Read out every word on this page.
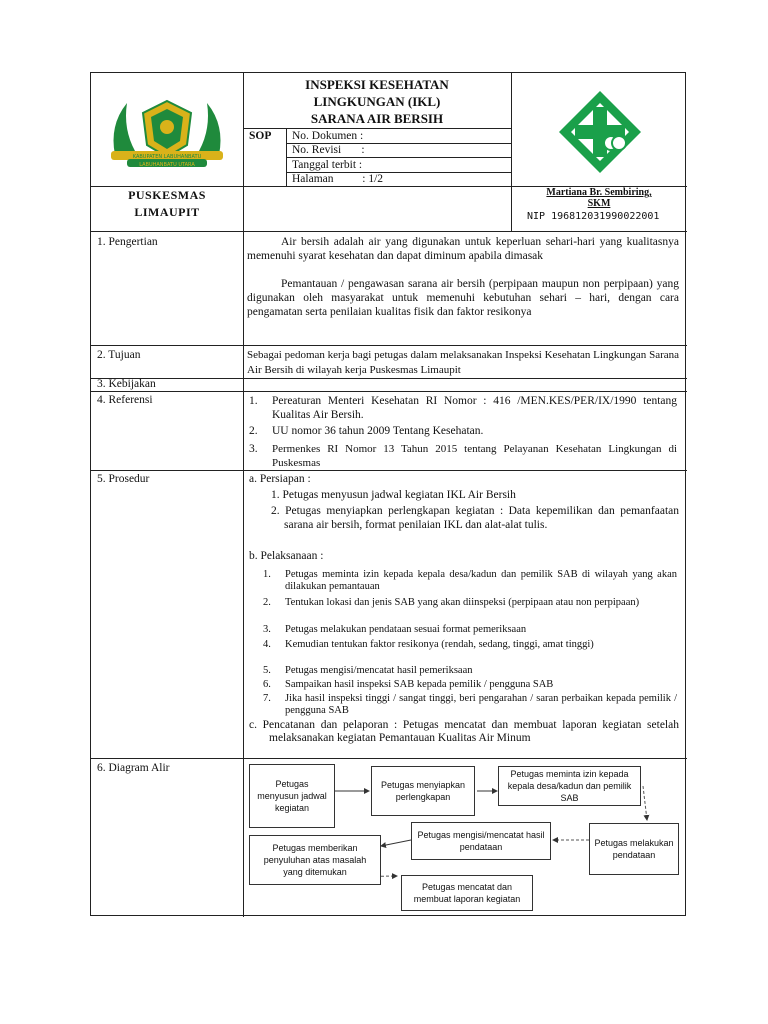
KABUPATEN LABUHANBATU
LABUHANBATU UTARA
INSPEKSI KESEHATAN
LINGKUNGAN (IKL)
SARANA AIR BERSIH
SOP No. Dokumen :
No. Revisi       :
Tanggal terbit :
Halaman          : 1/2
PUSKESMAS
LIMAUPIT
Martiana Br. Sembiring,
SKM
NIP 196812031990022001
1. Pengertian	Air bersih adalah air yang digunakan untuk keperluan sehari-hari yang kualitasnya memenuhi syarat kesehatan dan dapat diminum apabila dimasak
Pemantauan / pengawasan sarana air bersih (perpipaan maupun non perpipaan) yang digunakan oleh masyarakat untuk memenuhi kebutuhan sehari – hari, dengan cara pengamatan serta penilaian kualitas fisik dan faktor resikonya
2. Tujuan	Sebagai pedoman kerja bagi petugas dalam melaksanakan Inspeksi Kesehatan Lingkungan Sarana Air Bersih di wilayah kerja Puskesmas Limaupit
3. Kebijakan
4. Referensi	1. Pereaturan Menteri Kesehatan RI Nomor : 416 /MEN.KES/PER/IX/1990 tentang Kualitas Air Bersih.
2. UU nomor 36 tahun 2009 Tentang Kesehatan.
3. Permenkes RI Nomor 13 Tahun 2015 tentang Pelayanan Kesehatan Lingkungan di Puskesmas
5. Prosedur	a. Persiapan :
1. Petugas menyusun jadwal kegiatan IKL Air Bersih
2. Petugas menyiapkan perlengkapan kegiatan : Data kepemilikan dan pemanfaatan sarana air bersih, format penilaian IKL dan alat-alat tulis.
b. Pelaksanaan :
1. Petugas meminta izin kepada kepala desa/kadun dan pemilik SAB di wilayah yang akan dilakukan pemantauan
2. Tentukan lokasi dan jenis SAB yang akan diinspeksi (perpipaan atau non perpipaan)
3. Petugas melakukan pendataan sesuai format pemeriksaan
4. Kemudian tentukan faktor resikonya (rendah, sedang, tinggi, amat tinggi)
5. Petugas mengisi/mencatat hasil pemeriksaan
6. Sampaikan hasil inspeksi SAB kepada pemilik / pengguna SAB
7. Jika hasil inspeksi tinggi / sangat tinggi, beri pengarahan / saran perbaikan kepada pemilik / pengguna SAB
c. Pencatanan dan pelaporan : Petugas mencatat dan membuat laporan kegiatan setelah melaksanakan kegiatan Pemantauan Kualitas Air Minum
6. Diagram Alir
Petugas menyusun jadwal kegiatan
Petugas menyiapkan perlengkapan
Petugas meminta izin kepada kepala desa/kadun dan pemilik SAB
Petugas melakukan pendataan
Petugas mengisi/mencatat hasil pendataan
Petugas memberikan penyuluhan atas masalah yang ditemukan
Petugas mencatat dan membuat laporan kegiatan
